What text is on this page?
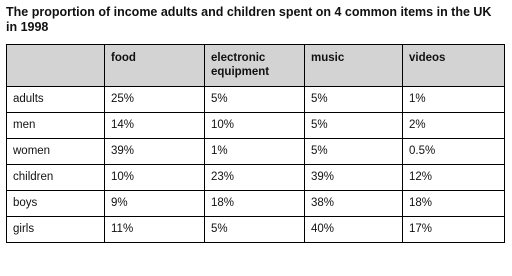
The proportion of income adults and children spent on 4 common items in the UK in 1998
	food	electronic equipment	music	videos
adults	25%	5%	5%	1%
men	14%	10%	5%	2%
women	39%	1%	5%	0.5%
children	10%	23%	39%	12%
boys	9%	18%	38%	18%
girls	11%	5%	40%	17%
